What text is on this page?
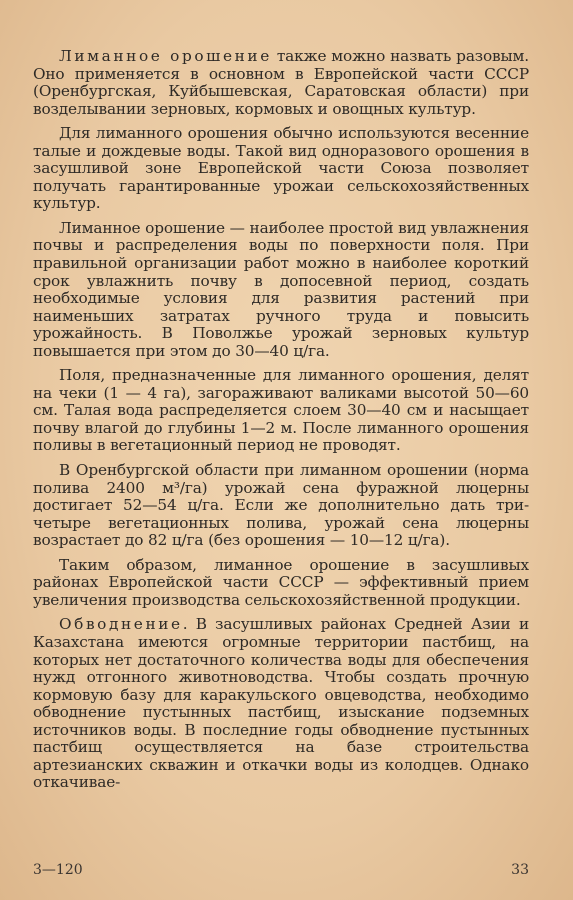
Лиманное орошение также можно назвать разовым. Оно применяется в основном в Европейской части СССР (Оренбургская, Куйбышевская, Саратовская области) при возделывании зерновых, кормовых и овощных культур.

Для лиманного орошения обычно используются весенние талые и дождевые воды. Такой вид одноразового орошения в засушливой зоне Европейской части Союза позволяет получать гарантированные урожаи сельскохозяйственных культур.

Лиманное орошение — наиболее простой вид увлажнения почвы и распределения воды по поверхности поля. При правильной организации работ можно в наиболее короткий срок увлажнить почву в допосевной период, создать необходимые условия для развития растений при наименьших затратах ручного труда и повысить урожайность. В Поволжье урожай зерновых культур повышается при этом до 30—40 ц/га.

Поля, предназначенные для лиманного орошения, делят на чеки (1 — 4 га), загораживают валиками высотой 50—60 см. Талая вода распределяется слоем 30—40 см и насыщает почву влагой до глубины 1—2 м. После лиманного орошения поливы в вегетационный период не проводят.

В Оренбургской области при лиманном орошении (норма полива 2400 м³/га) урожай сена фуражной люцерны достигает 52—54 ц/га. Если же дополнительно дать три-четыре вегетационных полива, урожай сена люцерны возрастает до 82 ц/га (без орошения — 10—12 ц/га).

Таким образом, лиманное орошение в засушливых районах Европейской части СССР — эффективный прием увеличения производства сельскохозяйственной продукции.

Обводнение. В засушливых районах Средней Азии и Казахстана имеются огромные территории пастбищ, на которых нет достаточного количества воды для обеспечения нужд отгонного животноводства. Чтобы создать прочную кормовую базу для каракульского овцеводства, необходимо обводнение пустынных пастбищ, изыскание подземных источников воды. В последние годы обводнение пустынных пастбищ осуществляется на базе строительства артезианских скважин и откачки воды из колодцев. Однако откачивае-

3—120	33
